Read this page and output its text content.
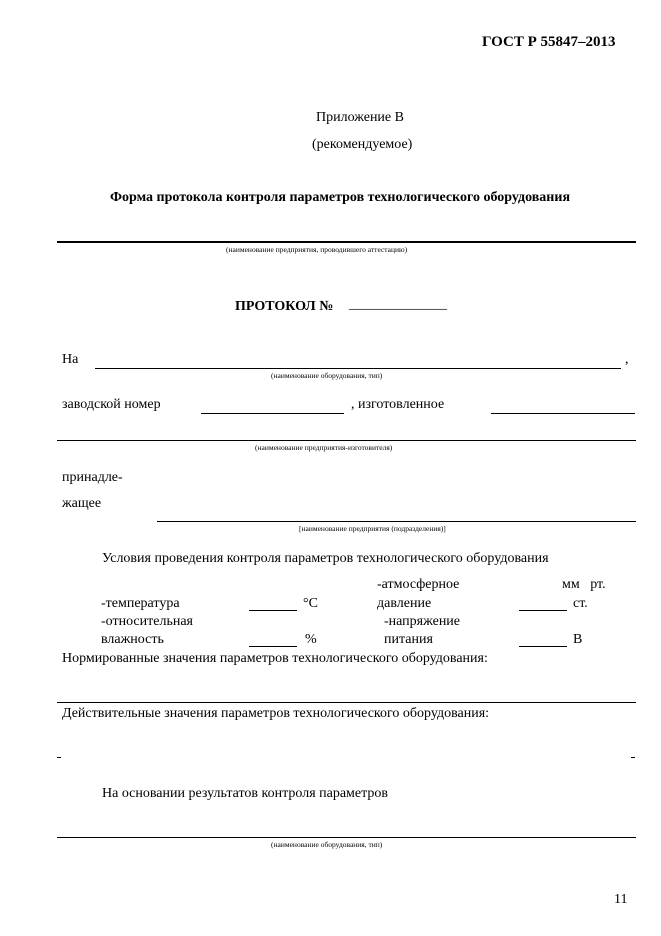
ГОСТ Р 55847–2013
Приложение В
(рекомендуемое)
Форма протокола контроля параметров технологического оборудования
(наименование предприятия, проводившего аттестацию)
ПРОТОКОЛ № ______________
На	,
(наименование оборудования, тип)
заводской номер	, изготовленное
(наименование предприятия-изготовителя)
принадле-
жащее
[наименование предприятия (подразделения)]
Условия проведения контроля параметров технологического оборудования
-атмосферное	мм   рт.
-температура	°C	давление	ст.
-относительная	-напряжение
влажность	%	питания	В
Нормированные значения параметров технологического оборудования:
Действительные значения параметров технологического оборудования:
На основании результатов контроля параметров
(наименование оборудования, тип)
11
